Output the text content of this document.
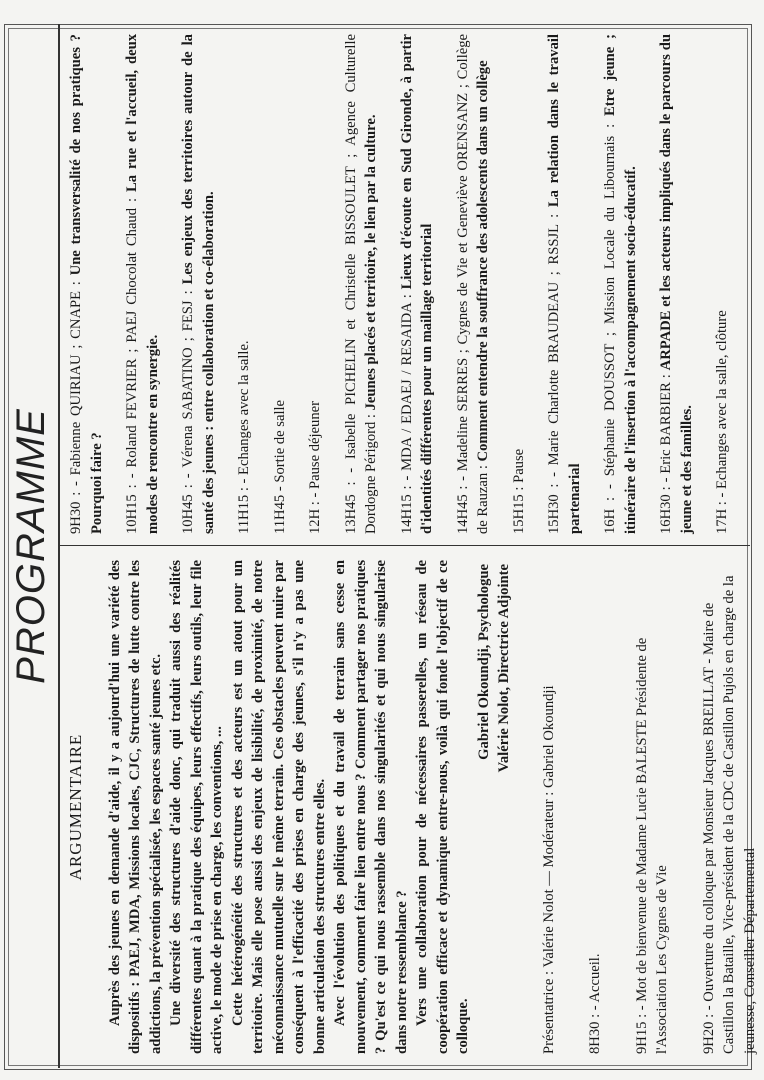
PROGRAMME
ARGUMENTAIRE Auprès des jeunes en demande d'aide, il y a aujourd'hui une variété des dispositifs : PAEJ, MDA, Missions locales, CJC, Structures de lutte contre les addictions, la prévention spécialisée, les espaces santé jeunes etc. Une diversité des structures d'aide donc, qui traduit aussi des réalités différentes quant à la pratique des équipes, leurs effectifs, leurs outils, leur file active, le mode de prise en charge, les conventions, ... Cette hétérogénéité des structures et des acteurs est un atout pour un territoire. Mais elle pose aussi des enjeux de lisibilité, de proximité, de notre méconnaissance mutuelle sur le même terrain. Ces obstacles peuvent nuire par conséquent à l'efficacité des prises en charge des jeunes, s'il n'y a pas une bonne articulation des structures entre elles. Avec l'évolution des politiques et du travail de terrain sans cesse en mouvement, comment faire lien entre nous ? Comment partager nos pratiques ? Qu'est ce qui nous rassemble dans nos singularités et qui nous singularise dans notre ressemblance ? Vers une collaboration pour de nécessaires passerelles, un réseau de coopération efficace et dynamique entre-nous, voilà qui fonde l'objectif de ce colloque.

Gabriel Okoundji, Psychologue Valérie Nolot, Directrice Adjointe
Présentatrice : Valérie Nolot — Modérateur : Gabriel Okoundji 8H30 : - Accueil. 9H15 : - Mot de bienvenue de Madame Lucie BALESTE Présidente de l'Association Les Cygnes de Vie 9H20 : - Ouverture du colloque par Monsieur Jacques BREILLAT - Maire de Castillon la Bataille, Vice-président de la CDC de Castillon Pujols en charge de la jeunesse, Conseiller Départemental
9H30 : - Fabienne QUIRIAU ; CNAPE : Une transversalité de nos pratiques ? Pourquoi faire ? 10H15 : - Roland FEVRIER ; PAEJ Chocolat Chaud : La rue et l'accueil, deux modes de rencontre en synergie. 10H45 : - Vérena SABATINO ; FESJ : Les enjeux des territoires autour de la santé des jeunes : entre collaboration et co-élaboration. 11H15 : - Echanges avec la salle.
11H45 - Sortie de salle
12H : - Pause déjeuner
13H45 : - Isabelle PICHELIN et Christelle BISSOULET ; Agence Culturelle Dordogne Périgord : Jeunes placés et territoire, le lien par la culture.
14H15 : - MDA / EDAEJ / RESAIDA : Lieux d'écoute en Sud Gironde, à partir d'identités différentes pour un maillage territorial 14H45 : - Madeline SERRES ; Cygnes de Vie et Geneviève ORENSANZ ; Collège de Rauzan : Comment entendre la souffrance des adolescents dans un collège
15H15 : Pause
15H30 : - Marie Charlotte BRAUDEAU ; RSSJL : La relation dans le travail partenarial 16H : - Stéphanie DOUSSOT ; Mission Locale du Libournais : Etre jeune ; itinéraire de l'insertion à l'accompagnement socio-éducatif. 16H30 : - Eric BARBIER : ARPADE et les acteurs impliqués dans le parcours du jeune et des familles. 17H : - Echanges avec la salle, clôture
